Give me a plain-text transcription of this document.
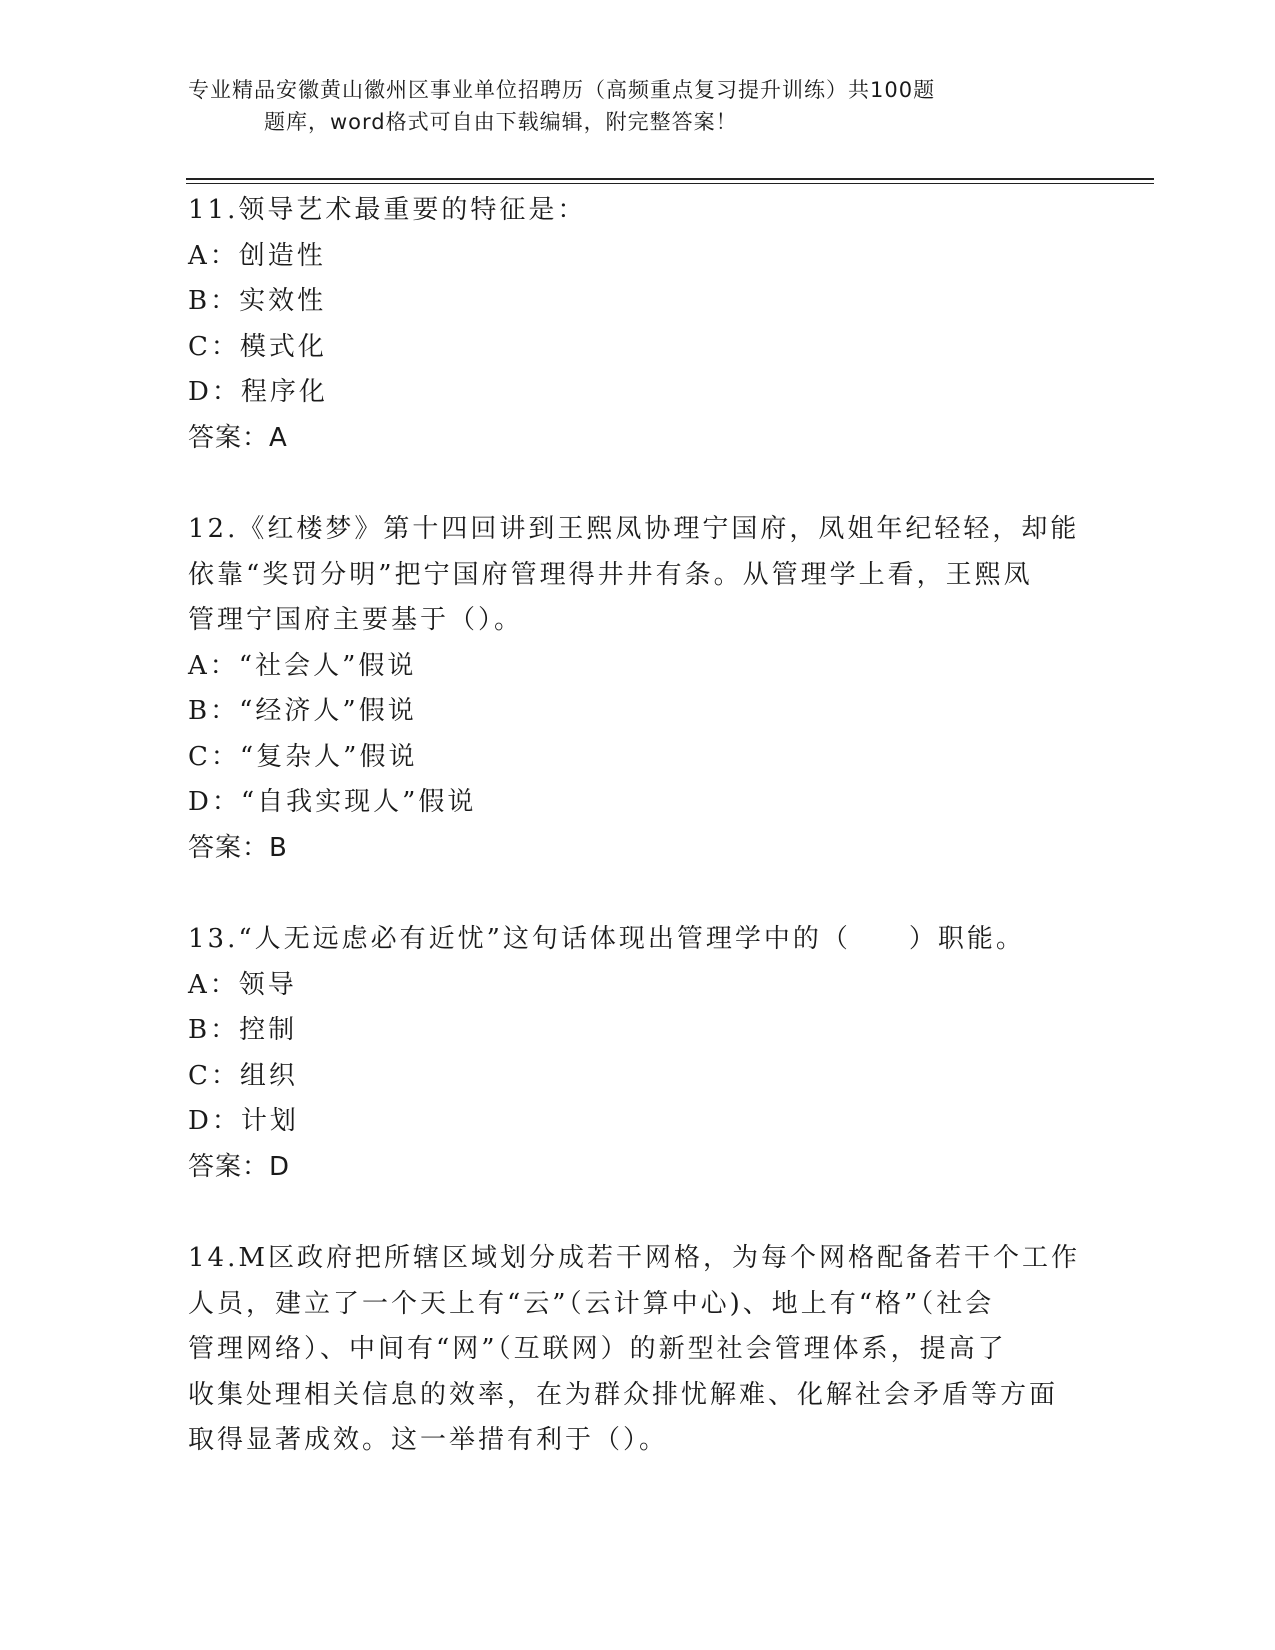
专业精品安徽黄山徽州区事业单位招聘历（高频重点复习提升训练）共100题
题库，word格式可自由下载编辑，附完整答案！
11.领导艺术最重要的特征是：
A：创造性
B：实效性
C：模式化
D：程序化
答案：A
12.《红楼梦》第十四回讲到王熙凤协理宁国府，凤姐年纪轻轻，却能
依靠“奖罚分明”把宁国府管理得井井有条。从管理学上看，王熙凤
管理宁国府主要基于（）。
A：“社会人”假说
B：“经济人”假说
C：“复杂人”假说
D：“自我实现人”假说
答案：B
13.“人无远虑必有近忧”这句话体现出管理学中的（　　）职能。
A：领导
B：控制
C：组织
D：计划
答案：D
14.M区政府把所辖区域划分成若干网格，为每个网格配备若干个工作
人员，建立了一个天上有“云”（云计算中心)、地上有“格”（社会
管理网络）、中间有“网”（互联网）的新型社会管理体系，提高了
收集处理相关信息的效率，在为群众排忧解难、化解社会矛盾等方面
取得显著成效。这一举措有利于（）。
